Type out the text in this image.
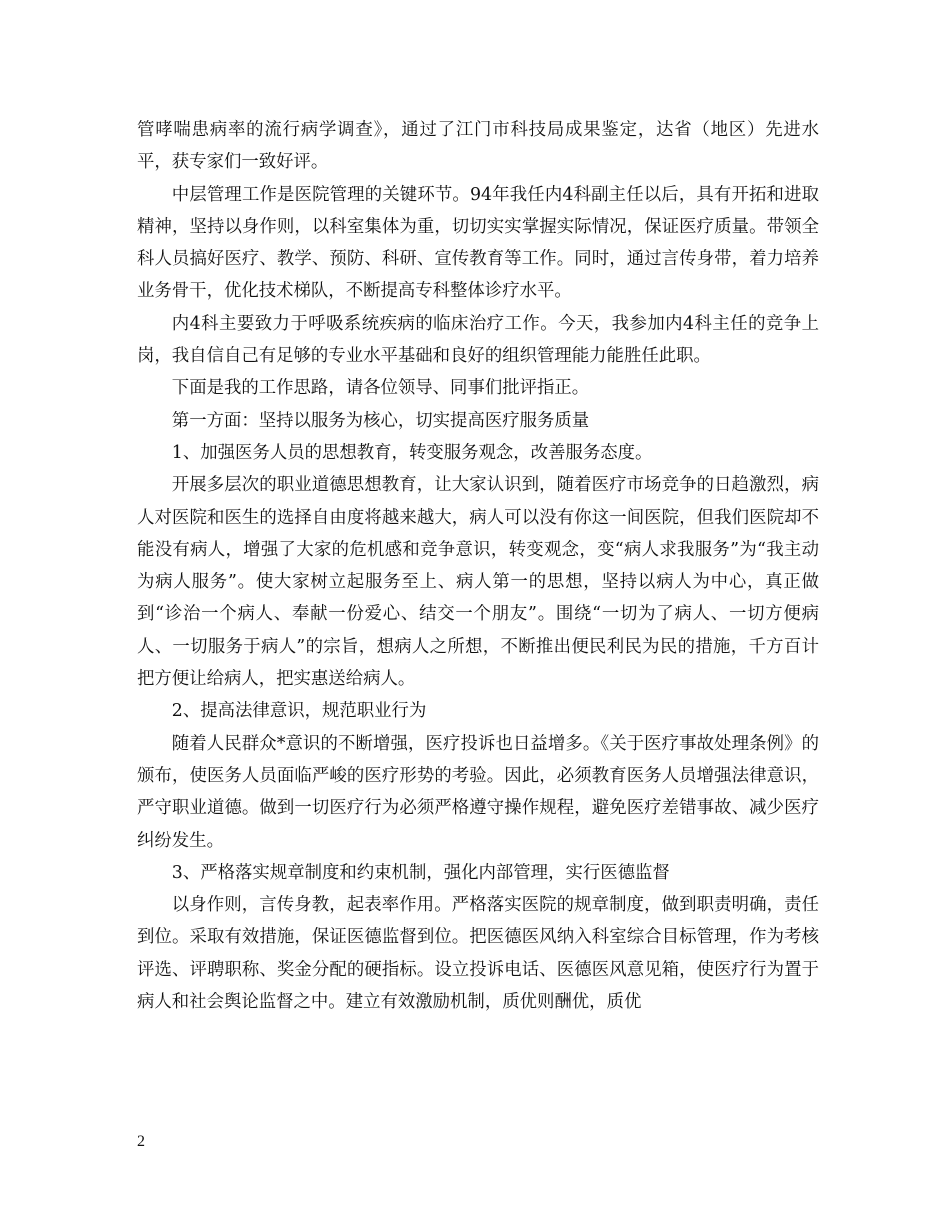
管哮喘患病率的流行病学调查》，通过了江门市科技局成果鉴定，达省（地区）先进水平，获专家们一致好评。

中层管理工作是医院管理的关键环节。94年我任内4科副主任以后，具有开拓和进取精神，坚持以身作则，以科室集体为重，切切实实掌握实际情况，保证医疗质量。带领全科人员搞好医疗、教学、预防、科研、宣传教育等工作。同时，通过言传身带，着力培养业务骨干，优化技术梯队，不断提高专科整体诊疗水平。

内4科主要致力于呼吸系统疾病的临床治疗工作。今天，我参加内4科主任的竞争上岗，我自信自己有足够的专业水平基础和良好的组织管理能力能胜任此职。

下面是我的工作思路，请各位领导、同事们批评指正。

第一方面：坚持以服务为核心，切实提高医疗服务质量

1、加强医务人员的思想教育，转变服务观念，改善服务态度。

开展多层次的职业道德思想教育，让大家认识到，随着医疗市场竞争的日趋激烈，病人对医院和医生的选择自由度将越来越大，病人可以没有你这一间医院，但我们医院却不能没有病人，增强了大家的危机感和竞争意识，转变观念，变“病人求我服务”为“我主动为病人服务”。使大家树立起服务至上、病人第一的思想，坚持以病人为中心，真正做到“诊治一个病人、奉献一份爱心、结交一个朋友”。围绕“一切为了病人、一切方便病人、一切服务于病人”的宗旨，想病人之所想，不断推出便民利民为民的措施，千方百计把方便让给病人，把实惠送给病人。

2、提高法律意识，规范职业行为

随着人民群众*意识的不断增强，医疗投诉也日益增多。《关于医疗事故处理条例》的颁布，使医务人员面临严峻的医疗形势的考验。因此，必须教育医务人员增强法律意识，严守职业道德。做到一切医疗行为必须严格遵守操作规程，避免医疗差错事故、减少医疗纠纷发生。

3、严格落实规章制度和约束机制，强化内部管理，实行医德监督

以身作则，言传身教，起表率作用。严格落实医院的规章制度，做到职责明确，责任到位。采取有效措施，保证医德监督到位。把医德医风纳入科室综合目标管理，作为考核评选、评聘职称、奖金分配的硬指标。设立投诉电话、医德医风意见箱，使医疗行为置于病人和社会舆论监督之中。建立有效激励机制，质优则酬优，质优

2
